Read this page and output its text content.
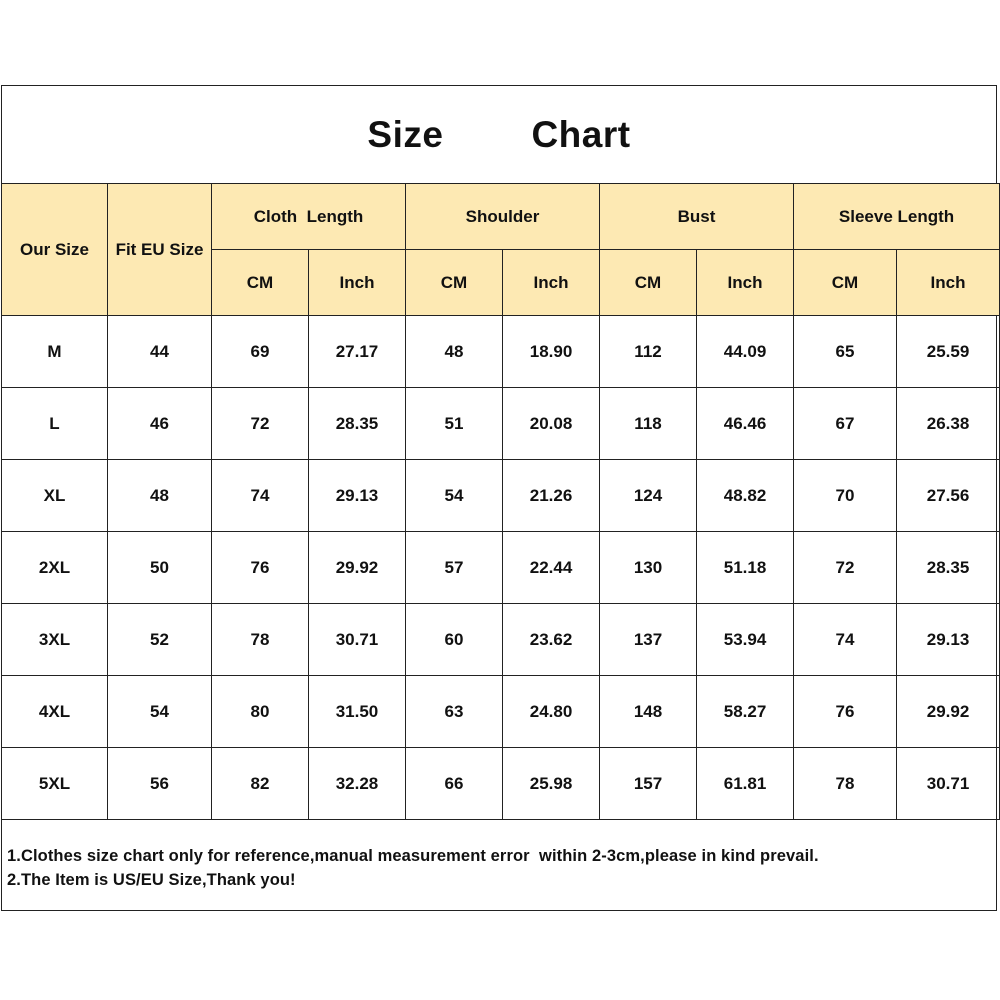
Size Chart
Our Size	Fit EU Size	Cloth  Length		Shoulder		Bust		Sleeve Length	
		CM	Inch	CM	Inch	CM	Inch	CM	Inch
M	44	69	27.17	48	18.90	112	44.09	65	25.59
L	46	72	28.35	51	20.08	118	46.46	67	26.38
XL	48	74	29.13	54	21.26	124	48.82	70	27.56
2XL	50	76	29.92	57	22.44	130	51.18	72	28.35
3XL	52	78	30.71	60	23.62	137	53.94	74	29.13
4XL	54	80	31.50	63	24.80	148	58.27	76	29.92
5XL	56	82	32.28	66	25.98	157	61.81	78	30.71
1.Clothes size chart only for reference,manual measurement error  within 2-3cm,please in kind prevail.
2.The Item is US/EU Size,Thank you!
